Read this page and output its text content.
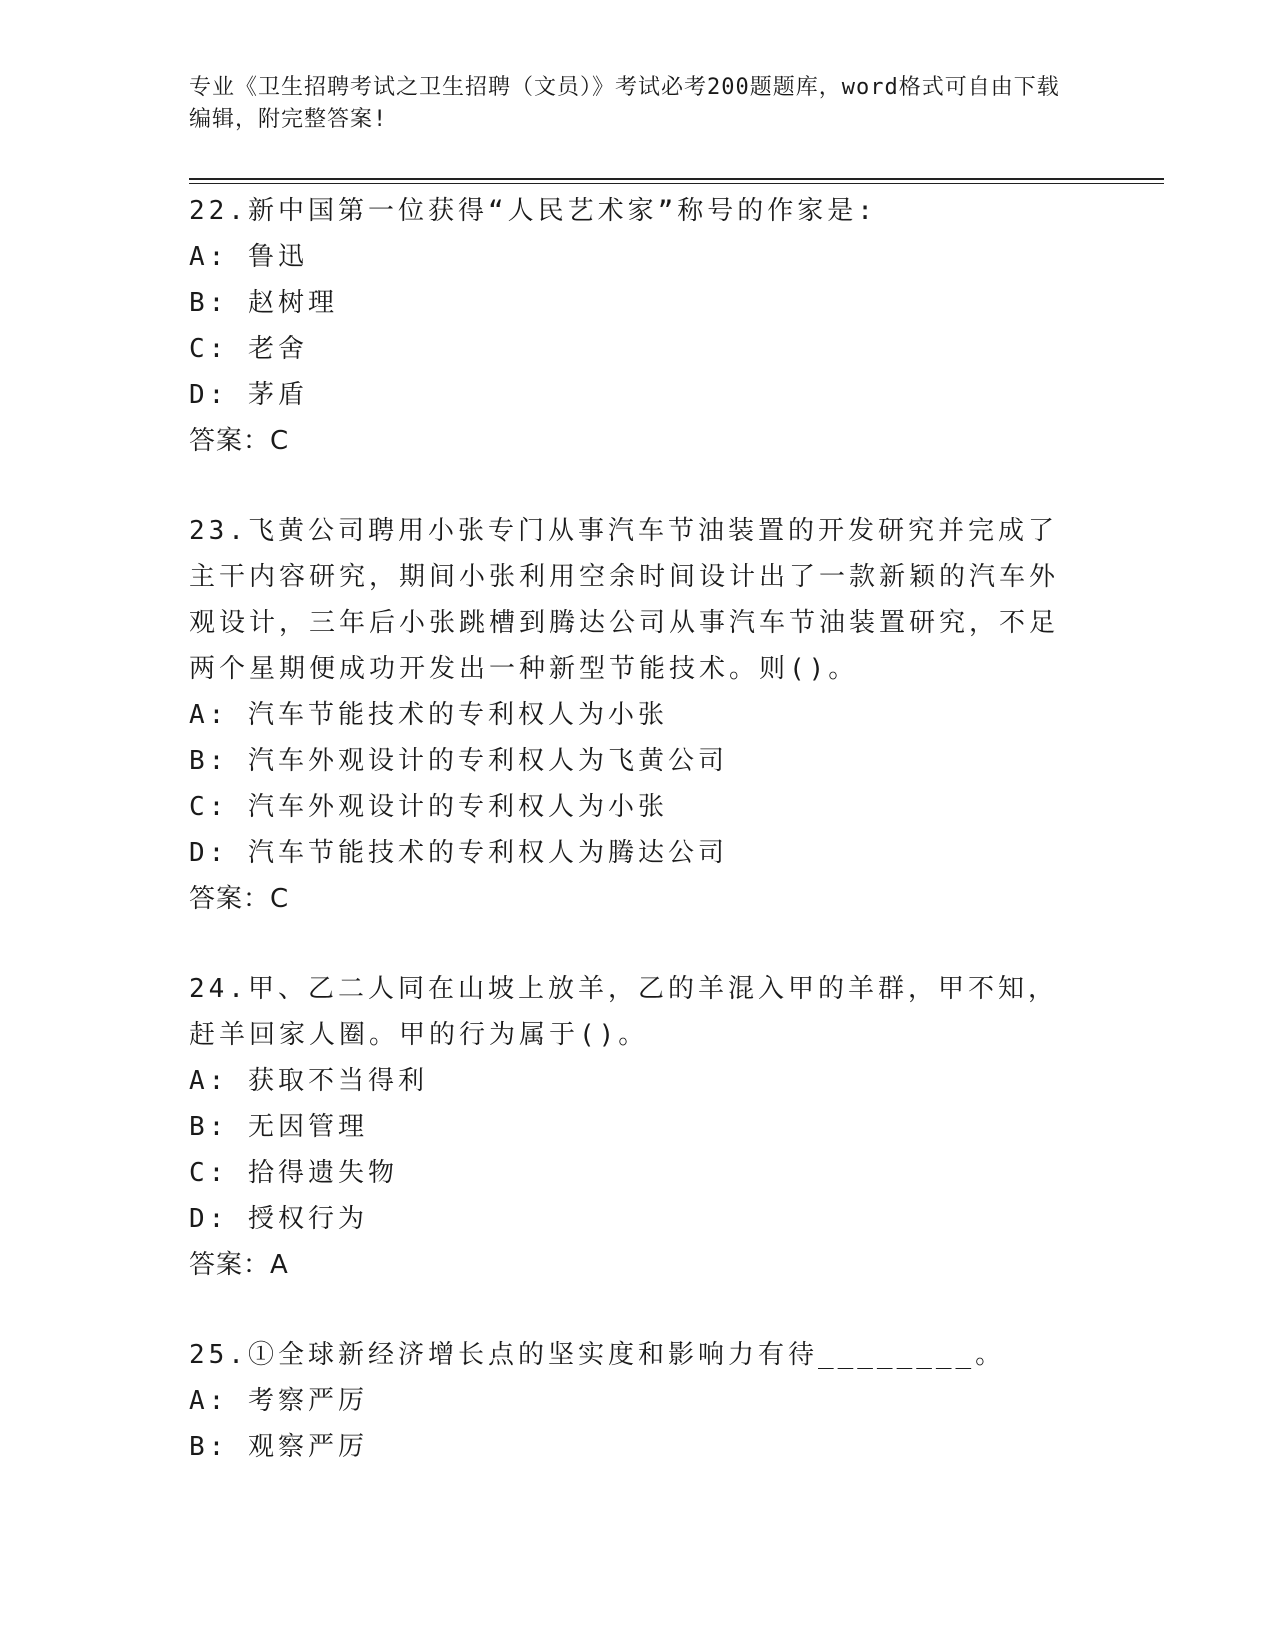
专业《卫生招聘考试之卫生招聘（文员）》考试必考200题题库，word格式可自由下载编辑，附完整答案!
22.新中国第一位获得“人民艺术家”称号的作家是:
A: 鲁迅
B: 赵树理
C: 老舍
D: 茅盾
答案：C
23.飞黄公司聘用小张专门从事汽车节油装置的开发研究并完成了主干内容研究，期间小张利用空余时间设计出了一款新颖的汽车外观设计，三年后小张跳槽到腾达公司从事汽车节油装置研究，不足两个星期便成功开发出一种新型节能技术。则()。
A: 汽车节能技术的专利权人为小张
B: 汽车外观设计的专利权人为飞黄公司
C: 汽车外观设计的专利权人为小张
D: 汽车节能技术的专利权人为腾达公司
答案：C
24.甲、乙二人同在山坡上放羊，乙的羊混入甲的羊群，甲不知，赶羊回家人圈。甲的行为属于()。
A: 获取不当得利
B: 无因管理
C: 拾得遗失物
D: 授权行为
答案：A
25.①全球新经济增长点的坚实度和影响力有待________。
A: 考察严厉
B: 观察严厉
